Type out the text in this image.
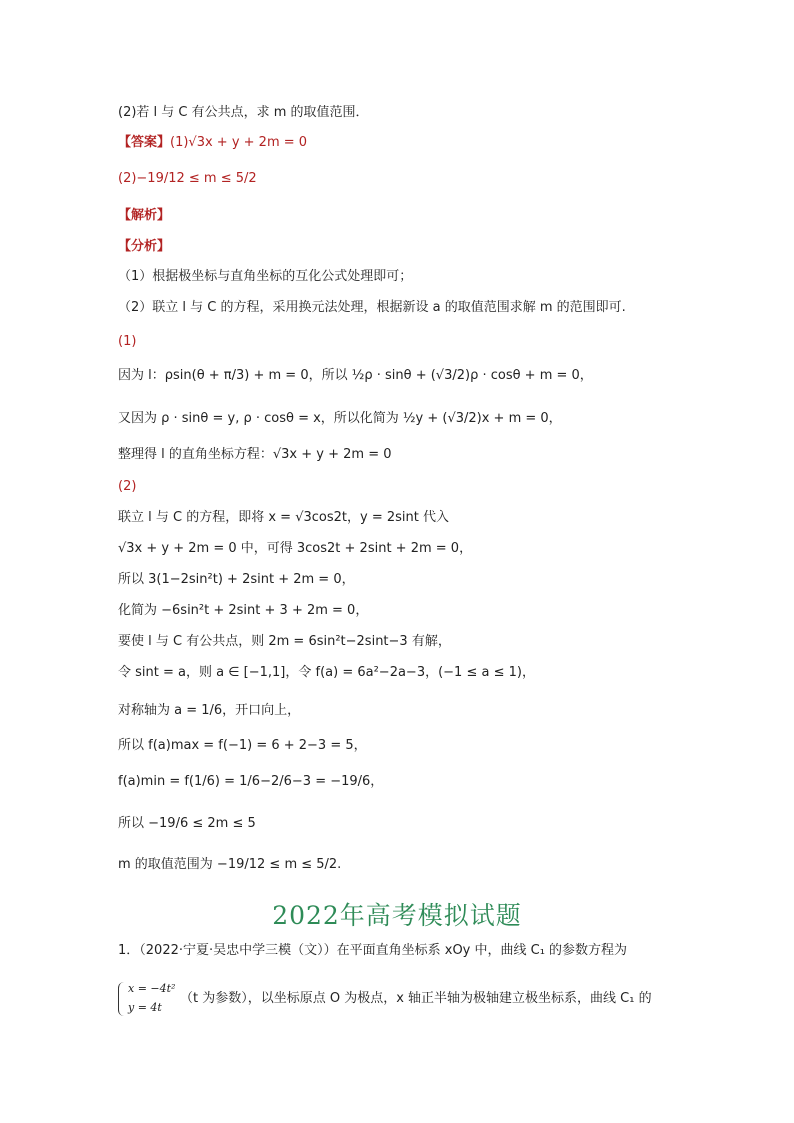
(2)若 l 与 C 有公共点，求 m 的取值范围．
【答案】(1)√3x + y + 2m = 0
(2)−19/12 ≤ m ≤ 5/2
【解析】
【分析】
（1）根据极坐标与直角坐标的互化公式处理即可；
（2）联立 l 与 C 的方程，采用换元法处理，根据新设 a 的取值范围求解 m 的范围即可.
(1)
因为 l：ρsin(θ + π/3) + m = 0，所以 ½ρ · sinθ + (√3/2)ρ · cosθ + m = 0，
又因为 ρ · sinθ = y, ρ · cosθ = x，所以化简为 ½y + (√3/2)x + m = 0，
整理得 l 的直角坐标方程：√3x + y + 2m = 0
(2)
联立 l 与 C 的方程，即将 x = √3cos2t，y = 2sint 代入
√3x + y + 2m = 0 中，可得 3cos2t + 2sint + 2m = 0，
所以 3(1−2sin²t) + 2sint + 2m = 0，
化简为 −6sin²t + 2sint + 3 + 2m = 0，
要使 l 与 C 有公共点，则 2m = 6sin²t−2sint−3 有解，
令 sint = a，则 a ∈ [−1,1]，令 f(a) = 6a²−2a−3，(−1 ≤ a ≤ 1)，
对称轴为 a = 1/6，开口向上，
所以 f(a)max = f(−1) = 6 + 2−3 = 5，
f(a)min = f(1/6) = 1/6−2/6−3 = −19/6，
所以 −19/6 ≤ 2m ≤ 5
m 的取值范围为 −19/12 ≤ m ≤ 5/2.
2022年高考模拟试题
1．（2022·宁夏·吴忠中学三模（文））在平面直角坐标系 xOy 中，曲线 C₁ 的参数方程为
x = −4t²
y = 4t
（t 为参数），以坐标原点 O 为极点，x 轴正半轴为极轴建立极坐标系，曲线 C₁ 的
